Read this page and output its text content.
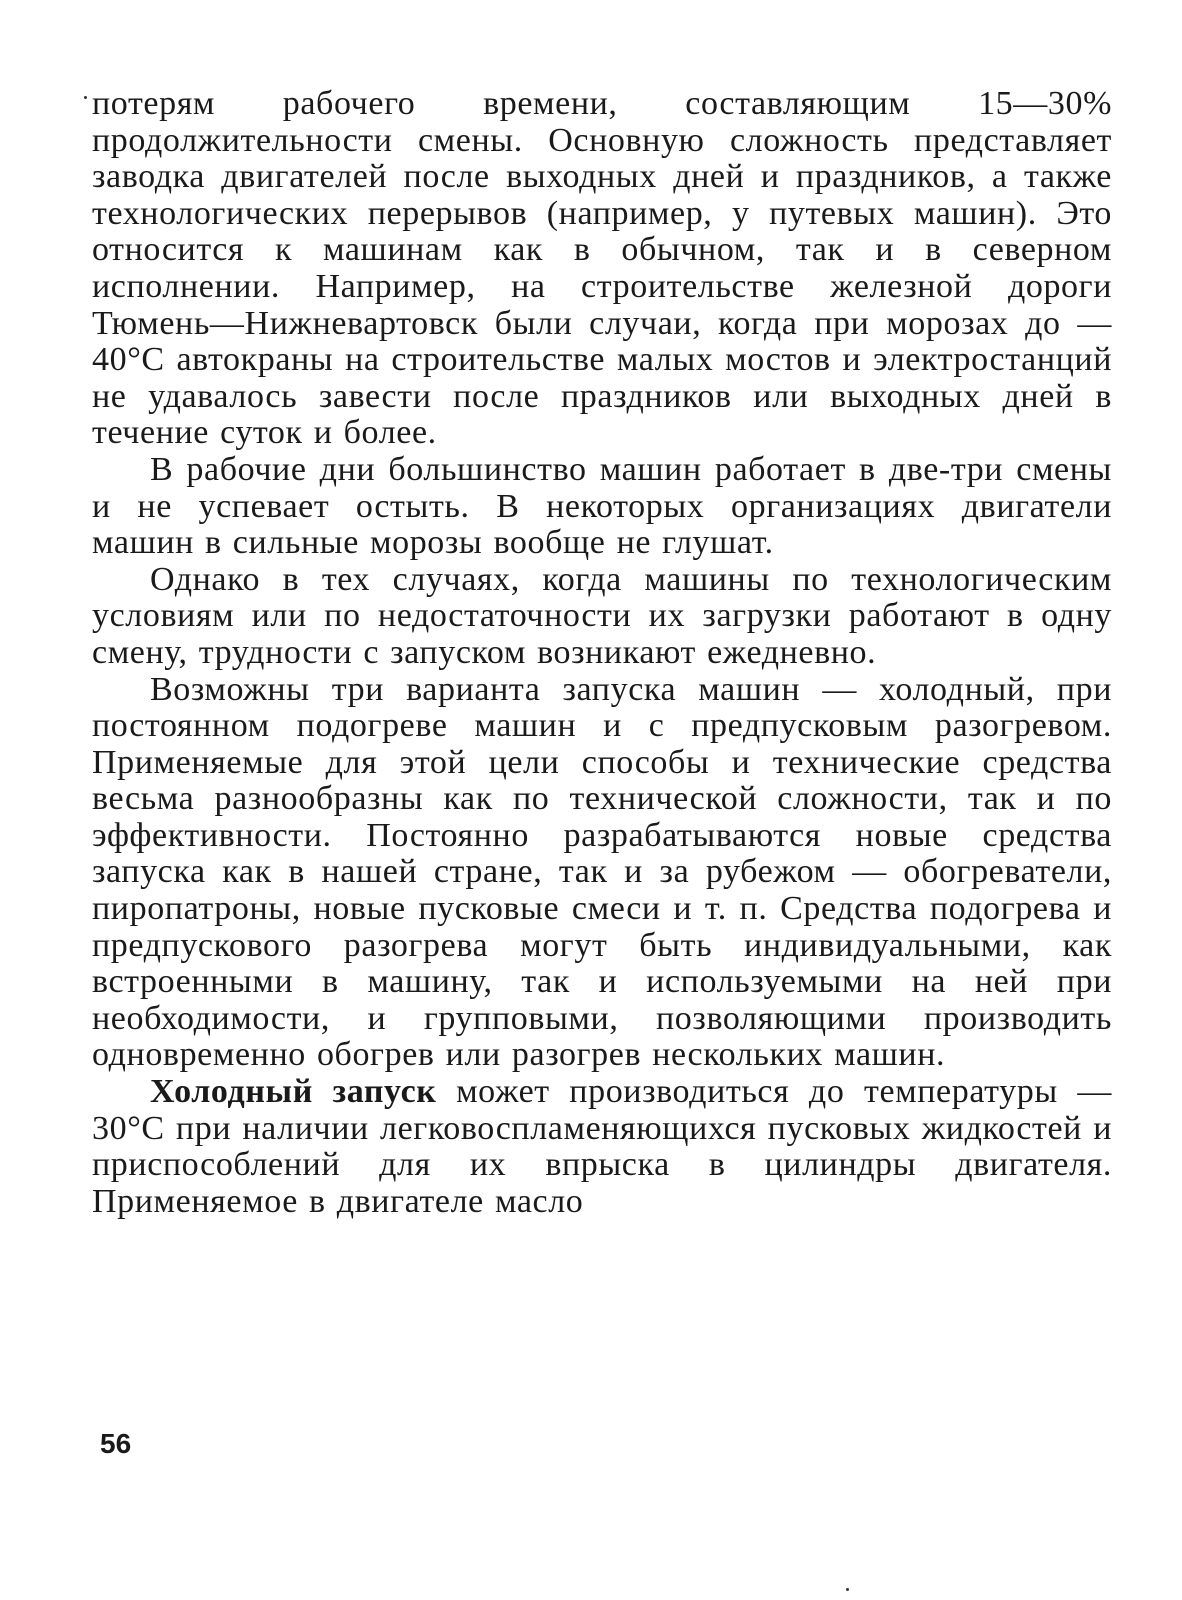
потерям рабочего времени, составляющим 15—30% продолжительности смены. Основную сложность представляет заводка двигателей после выходных дней и праздников, а также технологических перерывов (например, у путевых машин). Это относится к машинам как в обычном, так и в северном исполнении. Например, на строительстве железной дороги Тюмень—Нижневартовск были случаи, когда при морозах до —40°С автокраны на строительстве малых мостов и электростанций не удавалось завести после праздников или выходных дней в течение суток и более.

В рабочие дни большинство машин работает в две-три смены и не успевает остыть. В некоторых организациях двигатели машин в сильные морозы вообще не глушат.

Однако в тех случаях, когда машины по технологическим условиям или по недостаточности их загрузки работают в одну смену, трудности с запуском возникают ежедневно.

Возможны три варианта запуска машин — холодный, при постоянном подогреве машин и с предпусковым разогревом. Применяемые для этой цели способы и технические средства весьма разнообразны как по технической сложности, так и по эффективности. Постоянно разрабатываются новые средства запуска как в нашей стране, так и за рубежом — обогреватели, пиропатроны, новые пусковые смеси и т. п. Средства подогрева и предпускового разогрева могут быть индивидуальными, как встроенными в машину, так и используемыми на ней при необходимости, и групповыми, позволяющими производить одновременно обогрев или разогрев нескольких машин.

Холодный запуск может производиться до температуры —30°С при наличии легковоспламеняющихся пусковых жидкостей и приспособлений для их впрыска в цилиндры двигателя. Применяемое в двигателе масло

56
